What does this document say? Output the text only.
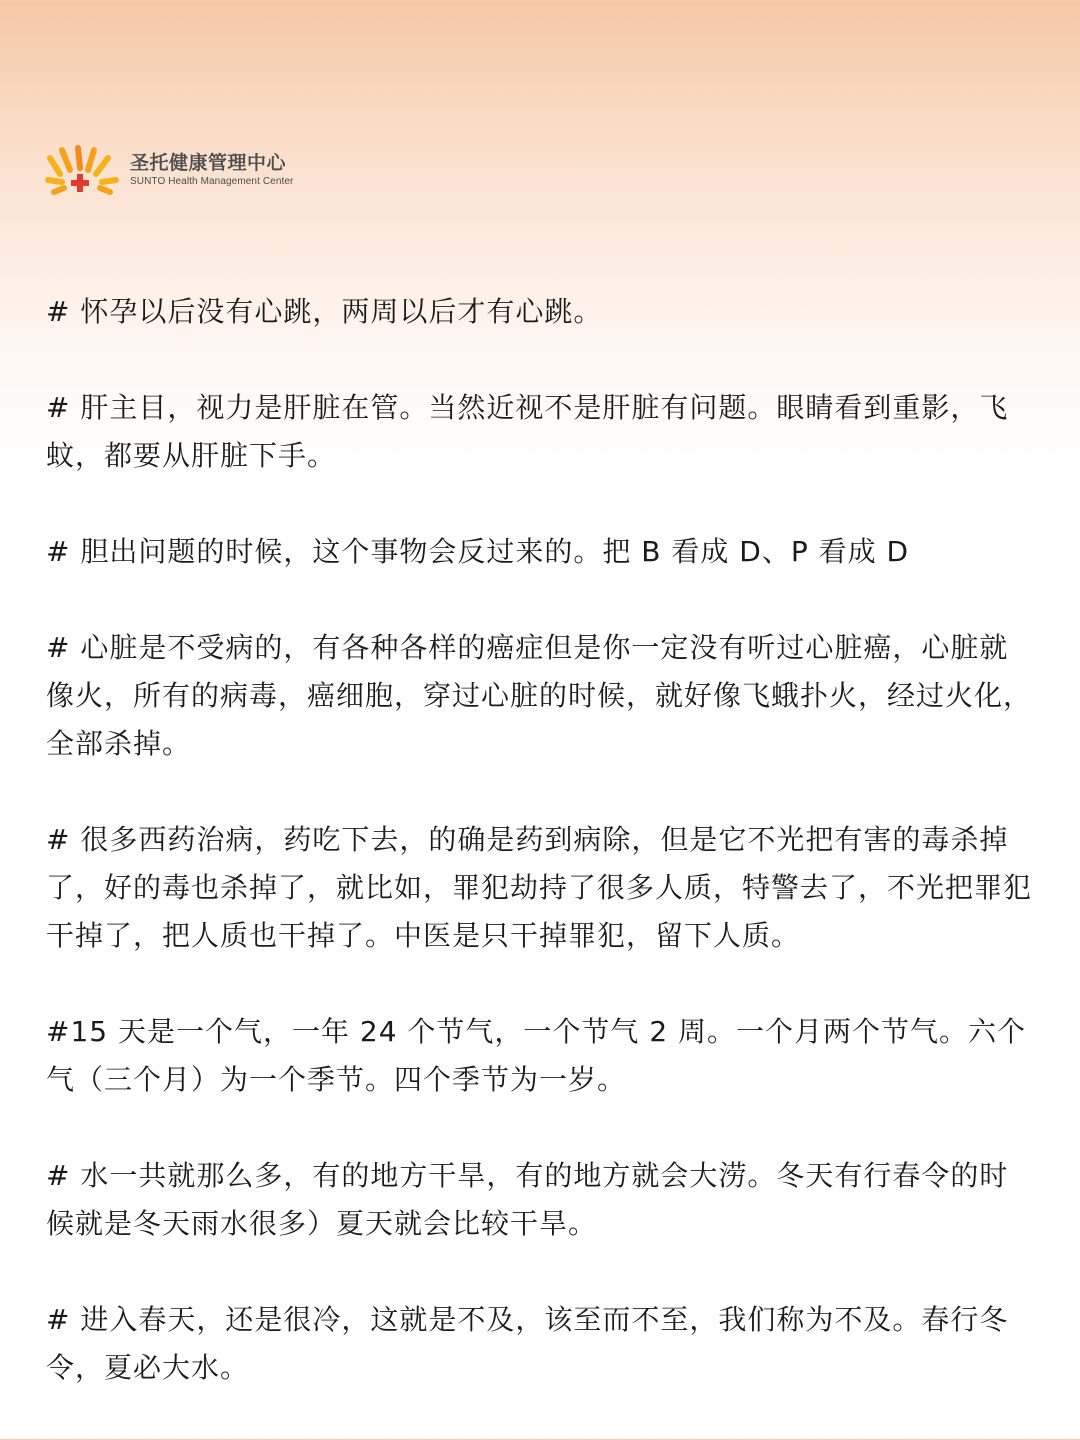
圣托健康管理中心
SUNTO Health Management Center

# 怀孕以后没有心跳，两周以后才有心跳。

# 肝主目，视力是肝脏在管。当然近视不是肝脏有问题。眼睛看到重影，飞蚊，都要从肝脏下手。

# 胆出问题的时候，这个事物会反过来的。把 B 看成 D、P 看成 D

# 心脏是不受病的，有各种各样的癌症但是你一定没有听过心脏癌，心脏就像火，所有的病毒，癌细胞，穿过心脏的时候，就好像飞蛾扑火，经过火化，全部杀掉。

# 很多西药治病，药吃下去，的确是药到病除，但是它不光把有害的毒杀掉了，好的毒也杀掉了，就比如，罪犯劫持了很多人质，特警去了，不光把罪犯干掉了，把人质也干掉了。中医是只干掉罪犯，留下人质。

#15 天是一个气，一年 24 个节气，一个节气 2 周。一个月两个节气。六个气（三个月）为一个季节。四个季节为一岁。

# 水一共就那么多，有的地方干旱，有的地方就会大涝。冬天有行春令的时候就是冬天雨水很多）夏天就会比较干旱。

# 进入春天，还是很冷，这就是不及，该至而不至，我们称为不及。春行冬令，夏必大水。
